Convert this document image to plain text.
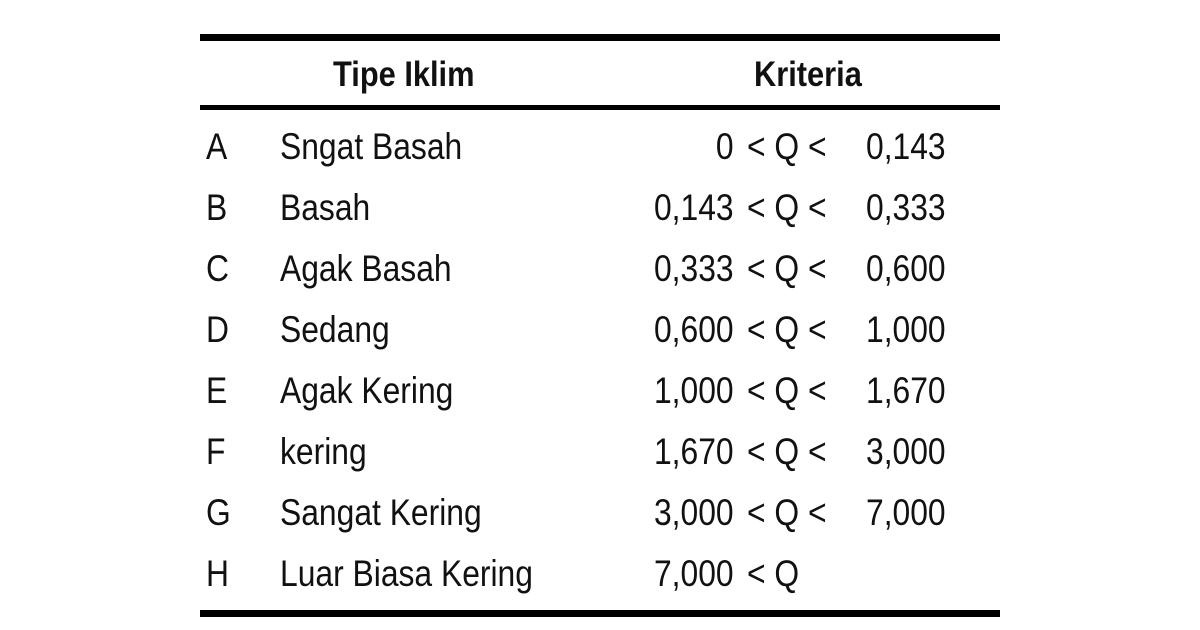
Tipe Iklim	Kriteria
A Sngat Basah	0 < Q < 0,143
B Basah	0,143 < Q < 0,333
C Agak Basah	0,333 < Q < 0,600
D Sedang	0,600 < Q < 1,000
E Agak Kering	1,000 < Q < 1,670
F kering	1,670 < Q < 3,000
G Sangat Kering	3,000 < Q < 7,000
H Luar Biasa Kering	7,000 < Q
